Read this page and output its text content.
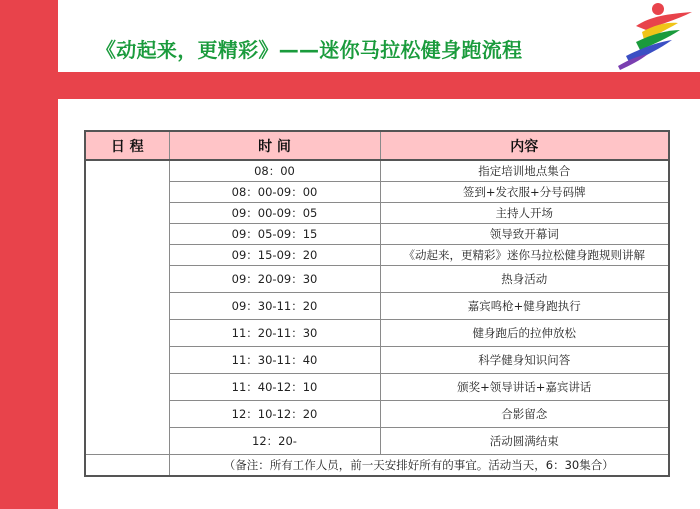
《动起来，更精彩》——迷你马拉松健身跑流程
日 程	时 间	内容
	08：00	指定培训地点集合
	08：00-09：00	签到+发衣服+分号码牌
	09：00-09：05	主持人开场
	09：05-09：15	领导致开幕词
	09：15-09：20	《动起来，更精彩》迷你马拉松健身跑规则讲解
	09：20-09：30	热身活动
	09：30-11：20	嘉宾鸣枪+健身跑执行
	11：20-11：30	健身跑后的拉伸放松
	11：30-11：40	科学健身知识问答
	11：40-12：10	颁奖+领导讲话+嘉宾讲话
	12：10-12：20	合影留念
	12：20-	活动圆满结束
	（备注：所有工作人员，前一天安排好所有的事宜。活动当天，6：30集合）	
